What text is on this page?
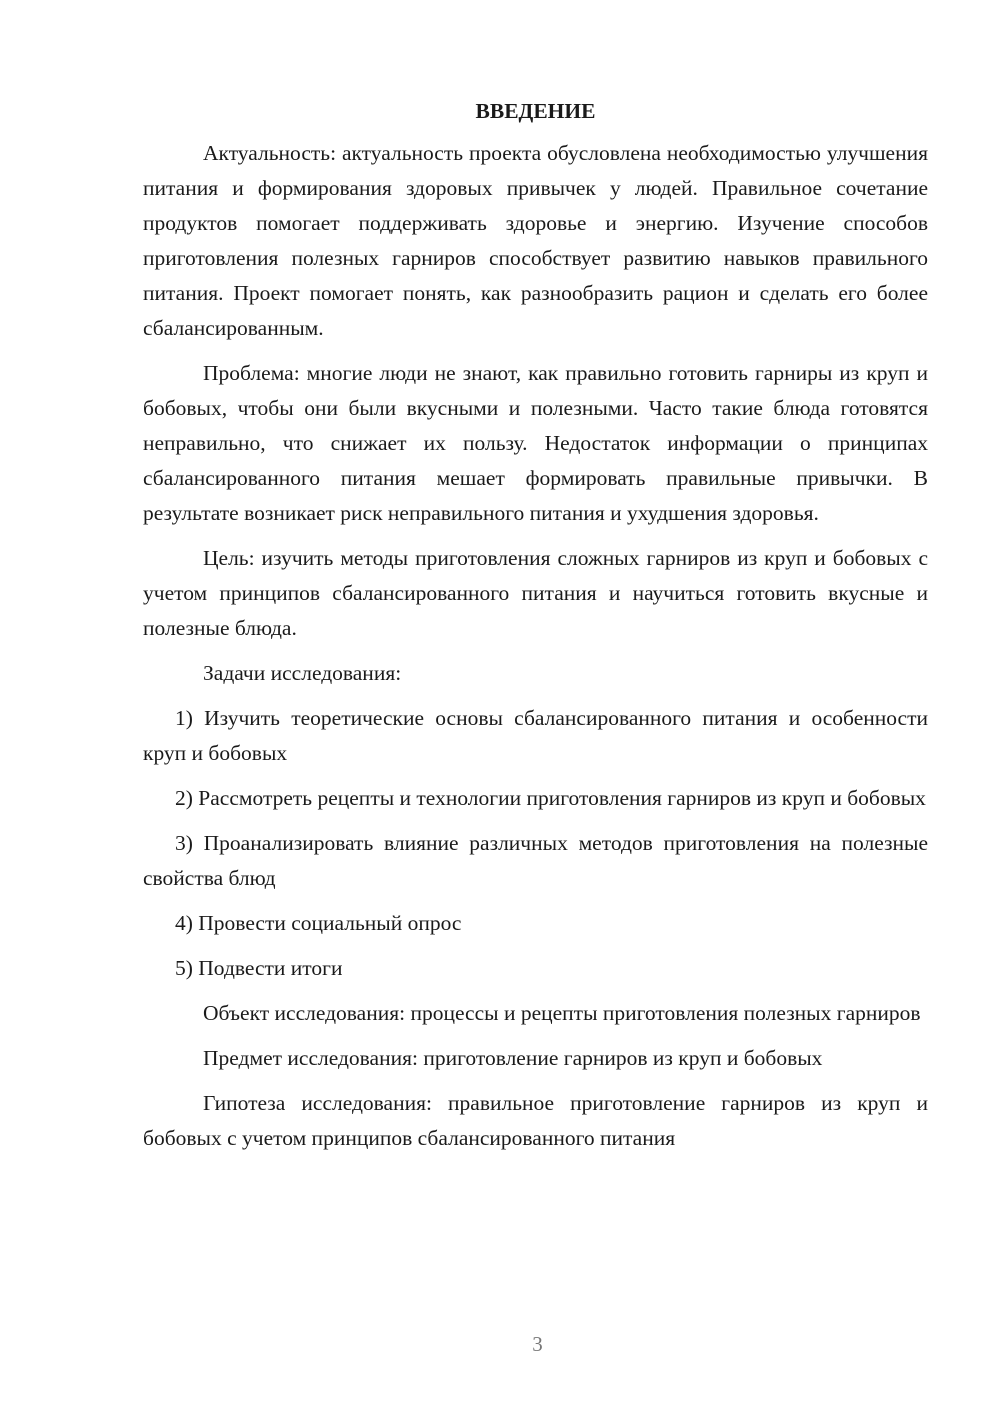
ВВЕДЕНИЕ

Актуальность: актуальность проекта обусловлена необходимостью улучшения питания и формирования здоровых привычек у людей. Правильное сочетание продуктов помогает поддерживать здоровье и энергию. Изучение способов приготовления полезных гарниров способствует развитию навыков правильного питания. Проект помогает понять, как разнообразить рацион и сделать его более сбалансированным.

Проблема: многие люди не знают, как правильно готовить гарниры из круп и бобовых, чтобы они были вкусными и полезными. Часто такие блюда готовятся неправильно, что снижает их пользу. Недостаток информации о принципах сбалансированного питания мешает формировать правильные привычки. В результате возникает риск неправильного питания и ухудшения здоровья.

Цель: изучить методы приготовления сложных гарниров из круп и бобовых с учетом принципов сбалансированного питания и научиться готовить вкусные и полезные блюда.

Задачи исследования:

1) Изучить теоретические основы сбалансированного питания и особенности круп и бобовых

2) Рассмотреть рецепты и технологии приготовления гарниров из круп и бобовых

3) Проанализировать влияние различных методов приготовления на полезные свойства блюд

4) Провести социальный опрос

5) Подвести итоги

Объект исследования: процессы и рецепты приготовления полезных гарниров

Предмет исследования: приготовление гарниров из круп и бобовых

Гипотеза исследования: правильное приготовление гарниров из круп и бобовых с учетом принципов сбалансированного питания

3
